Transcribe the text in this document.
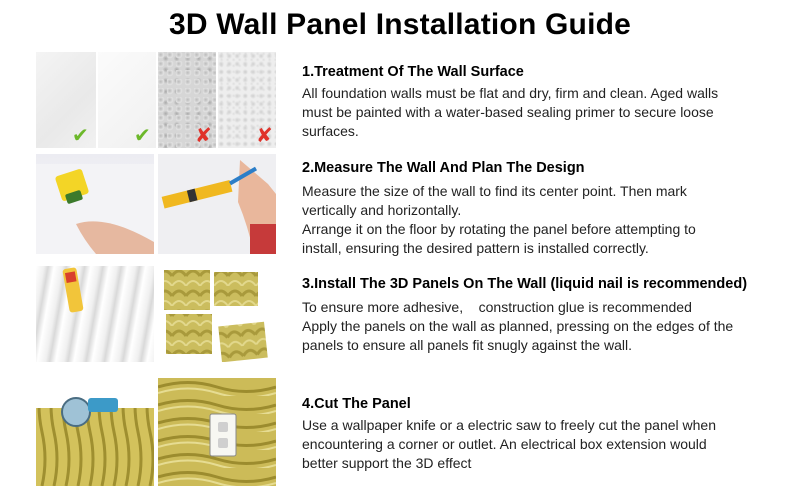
3D Wall Panel Installation Guide
✔ ✔ ✘ ✘
1.Treatment Of The Wall Surface

All foundation walls must be flat and dry, firm and clean. Aged walls

must be painted with a water-based sealing primer to secure loose

surfaces.

2.Measure The Wall And Plan The Design

Measure the size of the wall to find its center point. Then mark

vertically and horizontally.

Arrange it on the floor by rotating the panel before attempting to

install, ensuring the desired pattern is installed correctly.

3.Install The 3D Panels On The Wall (liquid nail is recommended)

To ensure more adhesive,    construction glue is recommended

Apply the panels on the wall as planned, pressing on the edges of the

panels to ensure all panels fit snugly against the wall.

4.Cut The Panel

Use a wallpaper knife or a electric saw to freely cut the panel when

encountering a corner or outlet. An electrical box extension would

better support the 3D effect
